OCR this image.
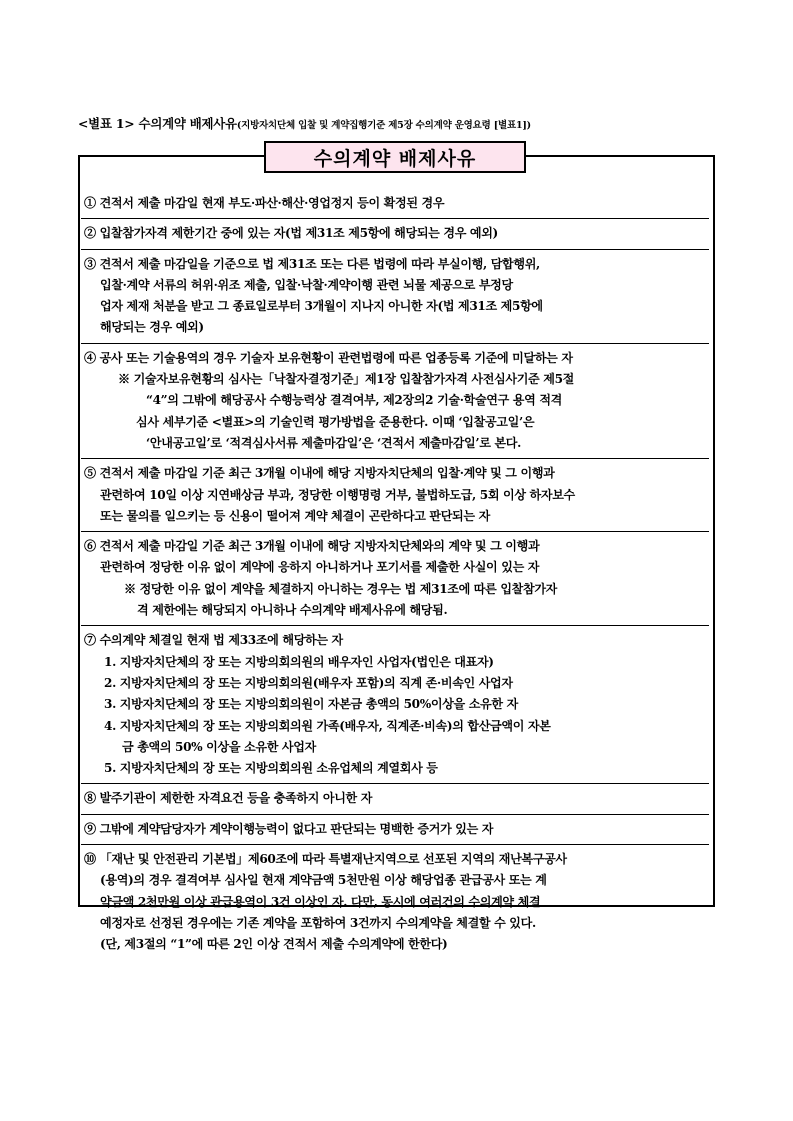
<별표 1> 수의계약 배제사유(지방자치단체 입찰 및 계약집행기준 제5장 수의계약 운영요령 [별표1])
수의계약 배제사유
① 견적서 제출 마감일 현재 부도·파산·해산·영업정지 등이 확정된 경우
② 입찰참가자격 제한기간 중에 있는 자(법 제31조 제5항에 해당되는 경우 예외)
③ 견적서 제출 마감일을 기준으로 법 제31조 또는 다른 법령에 따라 부실이행, 담합행위,
입찰·계약 서류의 허위·위조 제출, 입찰·낙찰·계약이행 관련 뇌물 제공으로 부정당
업자 제재 처분을 받고 그 종료일로부터 3개월이 지나지 아니한 자(법 제31조 제5항에
해당되는 경우 예외)
④ 공사 또는 기술용역의 경우 기술자 보유현황이 관련법령에 따른 업종등록 기준에 미달하는 자
※ 기술자보유현황의 심사는「낙찰자결정기준」제1장 입찰참가자격 사전심사기준 제5절
“4”의 그밖에 해당공사 수행능력상 결격여부, 제2장의2 기술·학술연구 용역 적격
심사 세부기준 <별표>의 기술인력 평가방법을 준용한다. 이때 ‘입찰공고일’은
‘안내공고일’로 ‘적격심사서류 제출마감일’은 ‘견적서 제출마감일’로 본다.
⑤ 견적서 제출 마감일 기준 최근 3개월 이내에 해당 지방자치단체의 입찰·계약 및 그 이행과
관련하여 10일 이상 지연배상금 부과, 정당한 이행명령 거부, 불법하도급, 5회 이상 하자보수
또는 물의를 일으키는 등 신용이 떨어져 계약 체결이 곤란하다고 판단되는 자
⑥ 견적서 제출 마감일 기준 최근 3개월 이내에 해당 지방자치단체와의 계약 및 그 이행과
관련하여 정당한 이유 없이 계약에 응하지 아니하거나 포기서를 제출한 사실이 있는 자
※ 정당한 이유 없이 계약을 체결하지 아니하는 경우는 법 제31조에 따른 입찰참가자
격 제한에는 해당되지 아니하나 수의계약 배제사유에 해당됨.
⑦ 수의계약 체결일 현재 법 제33조에 해당하는 자
1. 지방자치단체의 장 또는 지방의회의원의 배우자인 사업자(법인은 대표자)
2. 지방자치단체의 장 또는 지방의회의원(배우자 포함)의 직계 존·비속인 사업자
3. 지방자치단체의 장 또는 지방의회의원이 자본금 총액의 50%이상을 소유한 자
4. 지방자치단체의 장 또는 지방의회의원 가족(배우자, 직계존·비속)의 합산금액이 자본
금 총액의 50% 이상을 소유한 사업자
5. 지방자치단체의 장 또는 지방의회의원 소유업체의 계열회사 등
⑧ 발주기관이 제한한 자격요건 등을 충족하지 아니한 자
⑨ 그밖에 계약담당자가 계약이행능력이 없다고 판단되는 명백한 증거가 있는 자
⑩ 「재난 및 안전관리 기본법」제60조에 따라 특별재난지역으로 선포된 지역의 재난복구공사
(용역)의 경우 결격여부 심사일 현재 계약금액 5천만원 이상 해당업종 관급공사 또는 계
약금액 2천만원 이상 관급용역이 3건 이상인 자. 다만, 동시에 여러건의 수의계약 체결
예정자로 선정된 경우에는 기존 계약을 포함하여 3건까지 수의계약을 체결할 수 있다.
(단, 제3절의 “1”에 따른 2인 이상 견적서 제출 수의계약에 한한다)
